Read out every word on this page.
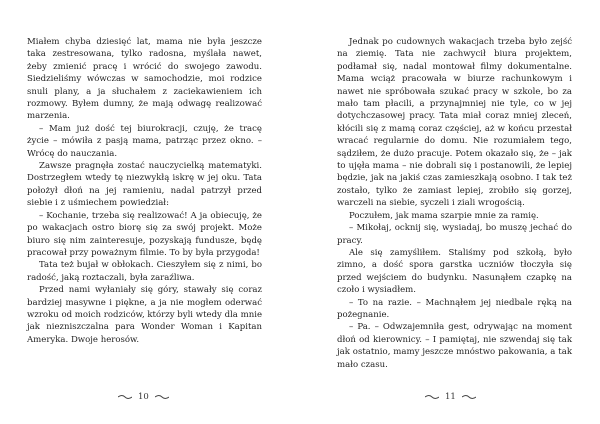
Miałem chyba dziesięć lat, mama nie była jeszcze taka zestresowana, tylko radosna, myślała nawet, żeby zmienić pracę i wrócić do swojego zawodu. Siedzieliśmy wówczas w samochodzie, moi rodzice snuli plany, a ja słuchałem z zaciekawieniem ich rozmowy. Byłem dumny, że mają odwagę realizować marzenia.

– Mam już dość tej biurokracji, czuję, że tracę życie – mówiła z pasją mama, patrząc przez okno. – Wrócę do nauczania.

Zawsze pragnęła zostać nauczycielką matematyki. Dostrzegłem wtedy tę niezwykłą iskrę w jej oku. Tata położył dłoń na jej ramieniu, nadal patrzył przed siebie i z uśmiechem powiedział:

– Kochanie, trzeba się realizować! A ja obiecuję, że po wakacjach ostro biorę się za swój projekt. Może biuro się nim zainteresuje, pozyskają fundusze, będę pracował przy poważnym filmie. To by była przygoda!

Tata też bujał w obłokach. Cieszyłem się z nimi, bo radość, jaką roztaczali, była zaraźliwa.

Przed nami wyłaniały się góry, stawały się coraz bardziej masywne i piękne, a ja nie mogłem oderwać wzroku od moich rodziców, którzy byli wtedy dla mnie jak niezniszczalna para Wonder Woman i Kapitan Ameryka. Dwoje herosów.

Jednak po cudownych wakacjach trzeba było zejść na ziemię. Tata nie zachwycił biura projektem, podłamał się, nadal montował filmy dokumentalne. Mama wciąż pracowała w biurze rachunkowym i nawet nie spróbowała szukać pracy w szkole, bo za mało tam płacili, a przynajmniej nie tyle, co w jej dotychczasowej pracy. Tata miał coraz mniej zleceń, kłócili się z mamą coraz częściej, aż w końcu przestał wracać regularnie do domu. Nie rozumiałem tego, sądziłem, że dużo pracuje. Potem okazało się, że – jak to ujęła mama – nie dobrali się i postanowili, że lepiej będzie, jak na jakiś czas zamieszkają osobno. I tak też zostało, tylko że zamiast lepiej, zrobiło się gorzej, warczeli na siebie, syczeli i ziali wrogością.

Poczułem, jak mama szarpie mnie za ramię.

– Mikołaj, ocknij się, wysiadaj, bo muszę jechać do pracy.

Ale się zamyśliłem. Staliśmy pod szkołą, było zimno, a dość spora garstka uczniów tłoczyła się przed wejściem do budynku. Nasunąłem czapkę na czoło i wysiadłem.

– To na razie. – Machnąłem jej niedbale ręką na pożegnanie.

– Pa. – Odwzajemniła gest, odrywając na moment dłoń od kierownicy. – I pamiętaj, nie szwendaj się tak jak ostatnio, mamy jeszcze mnóstwo pakowania, a tak mało czasu.

10	11
